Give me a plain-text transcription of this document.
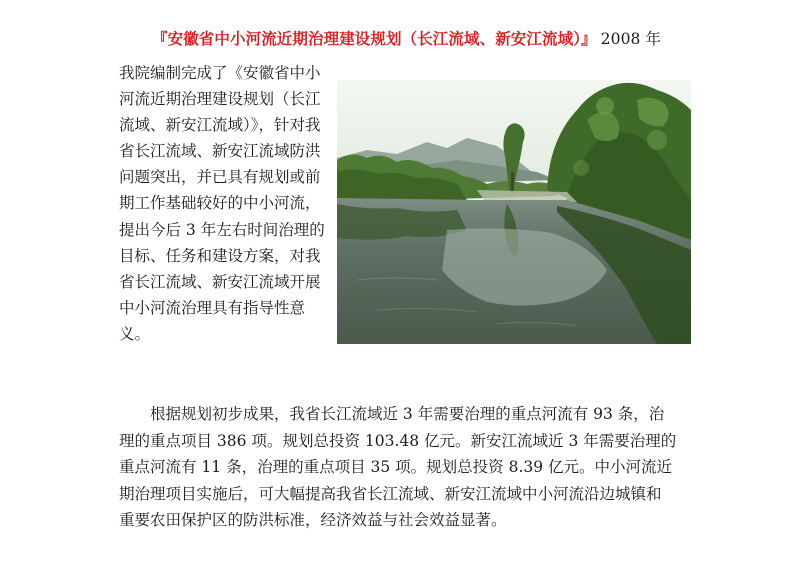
『安徽省中小河流近期治理建设规划（长江流域、新安江流域）』 2008 年
我院编制完成了《安徽省中小
河流近期治理建设规划（长江
流域、新安江流域）》，针对我
省长江流域、新安江流域防洪
问题突出，并已具有规划或前
期工作基础较好的中小河流，
提出今后 3 年左右时间治理的
目标、任务和建设方案，对我
省长江流域、新安江流域开展
中小河流治理具有指导性意
义。
根据规划初步成果，我省长江流域近 3 年需要治理的重点河流有 93 条，治
理的重点项目 386 项。规划总投资 103.48 亿元。新安江流域近 3 年需要治理的
重点河流有 11 条，治理的重点项目 35 项。规划总投资 8.39 亿元。中小河流近
期治理项目实施后，可大幅提高我省长江流域、新安江流域中小河流沿边城镇和
重要农田保护区的防洪标准，经济效益与社会效益显著。
